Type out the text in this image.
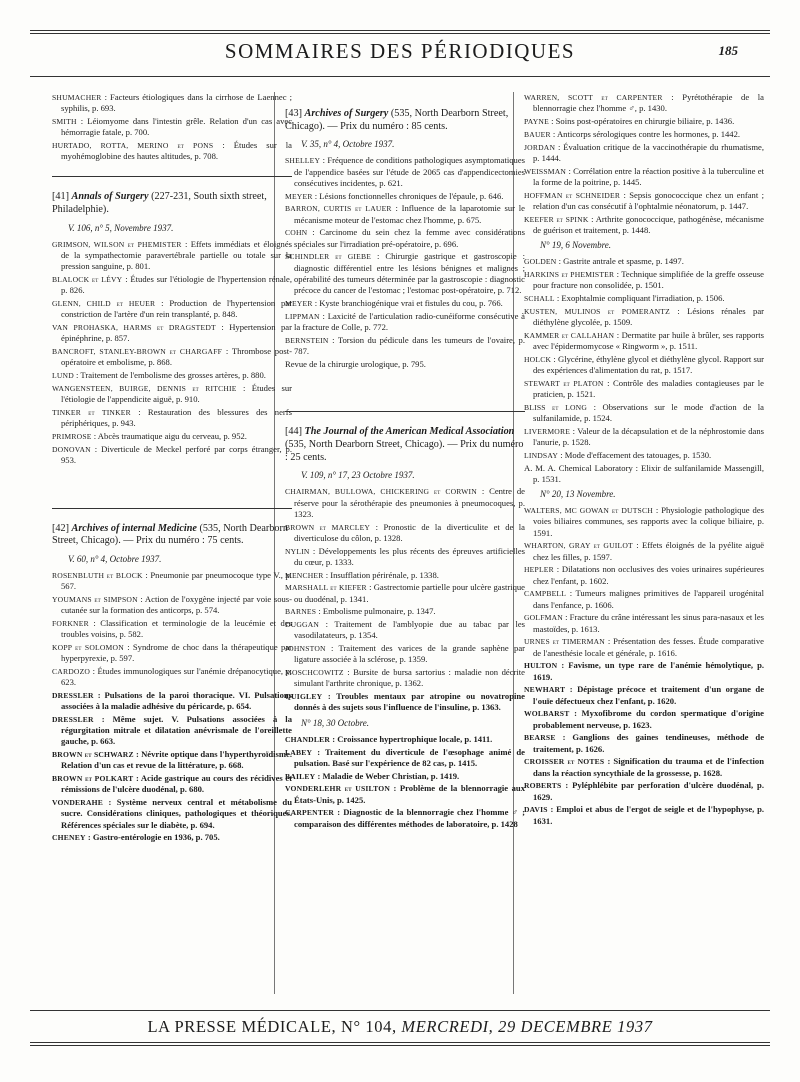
SOMMAIRES DES PÉRIODIQUES	185
SHUMACHER : Facteurs étiologiques dans la cirrhose de Laennec ; syphilis, p. 693.
SMITH : Léiomyome dans l'intestin grêle. Relation d'un cas avec hémorragie fatale, p. 700.
HURTADO, ROTTA, MERINO et PONS : Études sur la myohémoglobine des hautes altitudes, p. 708.
[41] Annals of Surgery (227-231, South sixth street, Philadelphie).
V. 106, n° 5, Novembre 1937.
GRIMSON, WILSON et PHEMISTER : Effets immédiats et éloignés de la sympathectomie paravertébrale partielle ou totale sur la pression sanguine, p. 801.
BLALOCK et LÉVY : Études sur l'étiologie de l'hypertension rénale, p. 826.
GLENN, CHILD et HEUER : Production de l'hypertension par constriction de l'artère d'un rein transplanté, p. 848.
VAN PROHASKA, HARMS et DRAGSTEDT : Hypertension par épinéphrine, p. 857.
BANCROFT, STANLEY-BROWN et CHARGAFF : Thrombose post-opératoire et embolisme, p. 868.
LUND : Traitement de l'embolisme des grosses artères, p. 880.
WANGENSTEEN, BUIRGE, DENNIS et RITCHIE : Études sur l'étiologie de l'appendicite aiguë, p. 910.
TINKER et TINKER : Restauration des blessures des nerfs périphériques, p. 943.
PRIMROSE : Abcès traumatique aigu du cerveau, p. 952.
DONOVAN : Diverticule de Meckel perforé par corps étranger, p. 953.
[42] Archives of internal Medicine (535, North Dearborn Street, Chicago). — Prix du numéro : 75 cents.
V. 60, n° 4, Octobre 1937.
ROSENBLUTH et BLOCK : Pneumonie par pneumocoque type V., p. 567.
YOUMANS et SIMPSON : Action de l'oxygène injecté par voie sous-cutanée sur la formation des anticorps, p. 574.
FORKNER : Classification et terminologie de la leucémie et des troubles voisins, p. 582.
KOPP et SOLOMON : Syndrome de choc dans la thérapeutique par hyperpyrexie, p. 597.
CARDOZO : Études immunologiques sur l'anémie drépanocytique, p. 623.
DRESSLER : Pulsations de la paroi thoracique. VI. Pulsations associées à la maladie adhésive du péricarde, p. 654.
DRESSLER : Même sujet. V. Pulsations associées à la régurgitation mitrale et dilatation anévrismale de l'oreillette gauche, p. 663.
BROWN et SCHWARZ : Névrite optique dans l'hyperthyroïdisme. Relation d'un cas et revue de la littérature, p. 668.
BROWN et POLKART : Acide gastrique au cours des récidives et rémissions de l'ulcère duodénal, p. 680.
VONDERAHE : Système nerveux central et métabolisme du sucre. Considérations cliniques, pathologiques et théoriques. Références spéciales sur le diabète, p. 694.
CHENEY : Gastro-entérologie en 1936, p. 705.
[43] Archives of Surgery (535, North Dearborn Street, Chicago). — Prix du numéro : 85 cents.
V. 35, n° 4, Octobre 1937.
SHELLEY : Fréquence de conditions pathologiques asymptomatiques de l'appendice basées sur l'étude de 2065 cas d'appendicectomies consécutives incidentes, p. 621.
MEYER : Lésions fonctionnelles chroniques de l'épaule, p. 646.
BARRON, CURTIS et LAUER : Influence de la laparotomie sur le mécanisme moteur de l'estomac chez l'homme, p. 675.
COHN : Carcinome du sein chez la femme avec considérations spéciales sur l'irradiation pré-opératoire, p. 696.
SCHINDLER et GIEBE : Chirurgie gastrique et gastroscopie : diagnostic différentiel entre les lésions bénignes et malignes ; opérabilité des tumeurs déterminée par la gastroscopie : diagnostic précoce du cancer de l'estomac ; l'estomac post-opératoire, p. 712.
MEYER : Kyste branchiogénique vrai et fistules du cou, p. 766.
LIPPMAN : Laxicité de l'articulation radio-cunéiforme consécutive à la fracture de Colle, p. 772.
BERNSTEIN : Torsion du pédicule dans les tumeurs de l'ovaire, p. 787.
Revue de la chirurgie urologique, p. 795.
[44] The Journal of the American Medical Association (535, North Dearborn Street, Chicago). — Prix du numéro : 25 cents.
V. 109, n° 17, 23 Octobre 1937.
CHAIRMAN, BULLOWA, CHICKERING et CORWIN : Centre de réserve pour la sérothérapie des pneumonies à pneumocoques, p. 1323.
BROWN et MARCLEY : Pronostic de la diverticulite et de la diverticulose du côlon, p. 1328.
NYLIN : Développements les plus récents des épreuves artificielles du cœur, p. 1333.
MENCHER : Insufflation périrénale, p. 1338.
MARSHALL et KIEFER : Gastrectomie partielle pour ulcère gastrique ou duodénal, p. 1341.
BARNES : Embolisme pulmonaire, p. 1347.
DUGGAN : Traitement de l'amblyopie due au tabac par les vasodilatateurs, p. 1354.
JOHNSTON : Traitement des varices de la grande saphène par ligature associée à la sclérose, p. 1359.
MOSCHCOWITZ : Bursite de bursa sartorius : maladie non décrite simulant l'arthrite chronique, p. 1362.
QUIGLEY : Troubles mentaux par atropine ou novatropine donnés à des sujets sous l'influence de l'insuline, p. 1363.
N° 18, 30 Octobre.
CHANDLER : Croissance hypertrophique locale, p. 1411.
LABEY : Traitement du diverticule de l'œsophage animé de pulsation. Basé sur l'expérience de 82 cas, p. 1415.
BAILEY : Maladie de Weber Christian, p. 1419.
VONDERLEHR et USILTON : Problème de la blennorragie aux États-Unis, p. 1425.
CARPENTER : Diagnostic de la blennorragie chez l'homme ♂ ; comparaison des différentes méthodes de laboratoire, p. 1428
WARREN, SCOTT et CARPENTER : Pyrétothérapie de la blennorragie chez l'homme ♂, p. 1430.
PAYNE : Soins post-opératoires en chirurgie biliaire, p. 1436.
BAUER : Anticorps sérologiques contre les hormones, p. 1442.
JORDAN : Évaluation critique de la vaccinothérapie du rhumatisme, p. 1444.
WEISSMAN : Corrélation entre la réaction positive à la tuberculine et la forme de la poitrine, p. 1445.
HOFFMAN et SCHNEIDER : Sepsis gonococcique chez un enfant ; relation d'un cas consécutif à l'ophtalmie néonatorum, p. 1447.
KEEFER et SPINK : Arthrite gonococcique, pathogénèse, mécanisme de guérison et traitement, p. 1448.
N° 19, 6 Novembre.
GOLDEN : Gastrite antrale et spasme, p. 1497.
HARKINS et PHEMISTER : Technique simplifiée de la greffe osseuse pour fracture non consolidée, p. 1501.
SCHALL : Exophtalmie compliquant l'irradiation, p. 1506.
KUSTEN, MULINOS et POMERANTZ : Lésions rénales par diéthylène glycolée, p. 1509.
KAMMER et CALLAHAN : Dermatite par huile à brûler, ses rapports avec l'épidermomycose « Ringworm », p. 1511.
HOLCK : Glycérine, éthylène glycol et diéthylène glycol. Rapport sur des expériences d'alimentation du rat, p. 1517.
STEWART et PLATON : Contrôle des maladies contagieuses par le praticien, p. 1521.
BLISS et LONG : Observations sur le mode d'action de la sulfanilamide, p. 1524.
LIVERMORE : Valeur de la décapsulation et de la néphrostomie dans l'anurie, p. 1528.
LINDSAY : Mode d'effacement des tatouages, p. 1530.
A. M. A. Chemical Laboratory : Elixir de sulfanilamide Massengill, p. 1531.
N° 20, 13 Novembre.
WALTERS, MC GOWAN et DUTSCH : Physiologie pathologique des voies biliaires communes, ses rapports avec la colique biliaire, p. 1591.
WHARTON, GRAY et GUILOT : Effets éloignés de la pyélite aiguë chez les filles, p. 1597.
HEPLER : Dilatations non occlusives des voies urinaires supérieures chez l'enfant, p. 1602.
CAMPBELL : Tumeurs malignes primitives de l'appareil urogénital dans l'enfance, p. 1606.
GOLFMAN : Fracture du crâne intéressant les sinus para-nasaux et les mastoïdes, p. 1613.
URNES et TIMERMAN : Présentation des fesses. Étude comparative de l'anesthésie locale et générale, p. 1616.
HULTON : Favisme, un type rare de l'anémie hémolytique, p. 1619.
NEWHART : Dépistage précoce et traitement d'un organe de l'ouïe défectueux chez l'enfant, p. 1620.
WOLBARST : Myxofibrome du cordon spermatique d'origine probablement nerveuse, p. 1623.
BEARSE : Ganglions des gaines tendineuses, méthode de traitement, p. 1626.
CROISSER et NOTES : Signification du trauma et de l'infection dans la réaction syncythiale de la grossesse, p. 1628.
ROBERTS : Pyléphlébite par perforation d'ulcère duodénal, p. 1629.
DAVIS : Emploi et abus de l'ergot de seigle et de l'hypophyse, p. 1631.
LA PRESSE MÉDICALE, N° 104, MERCREDI, 29 DECEMBRE 1937
